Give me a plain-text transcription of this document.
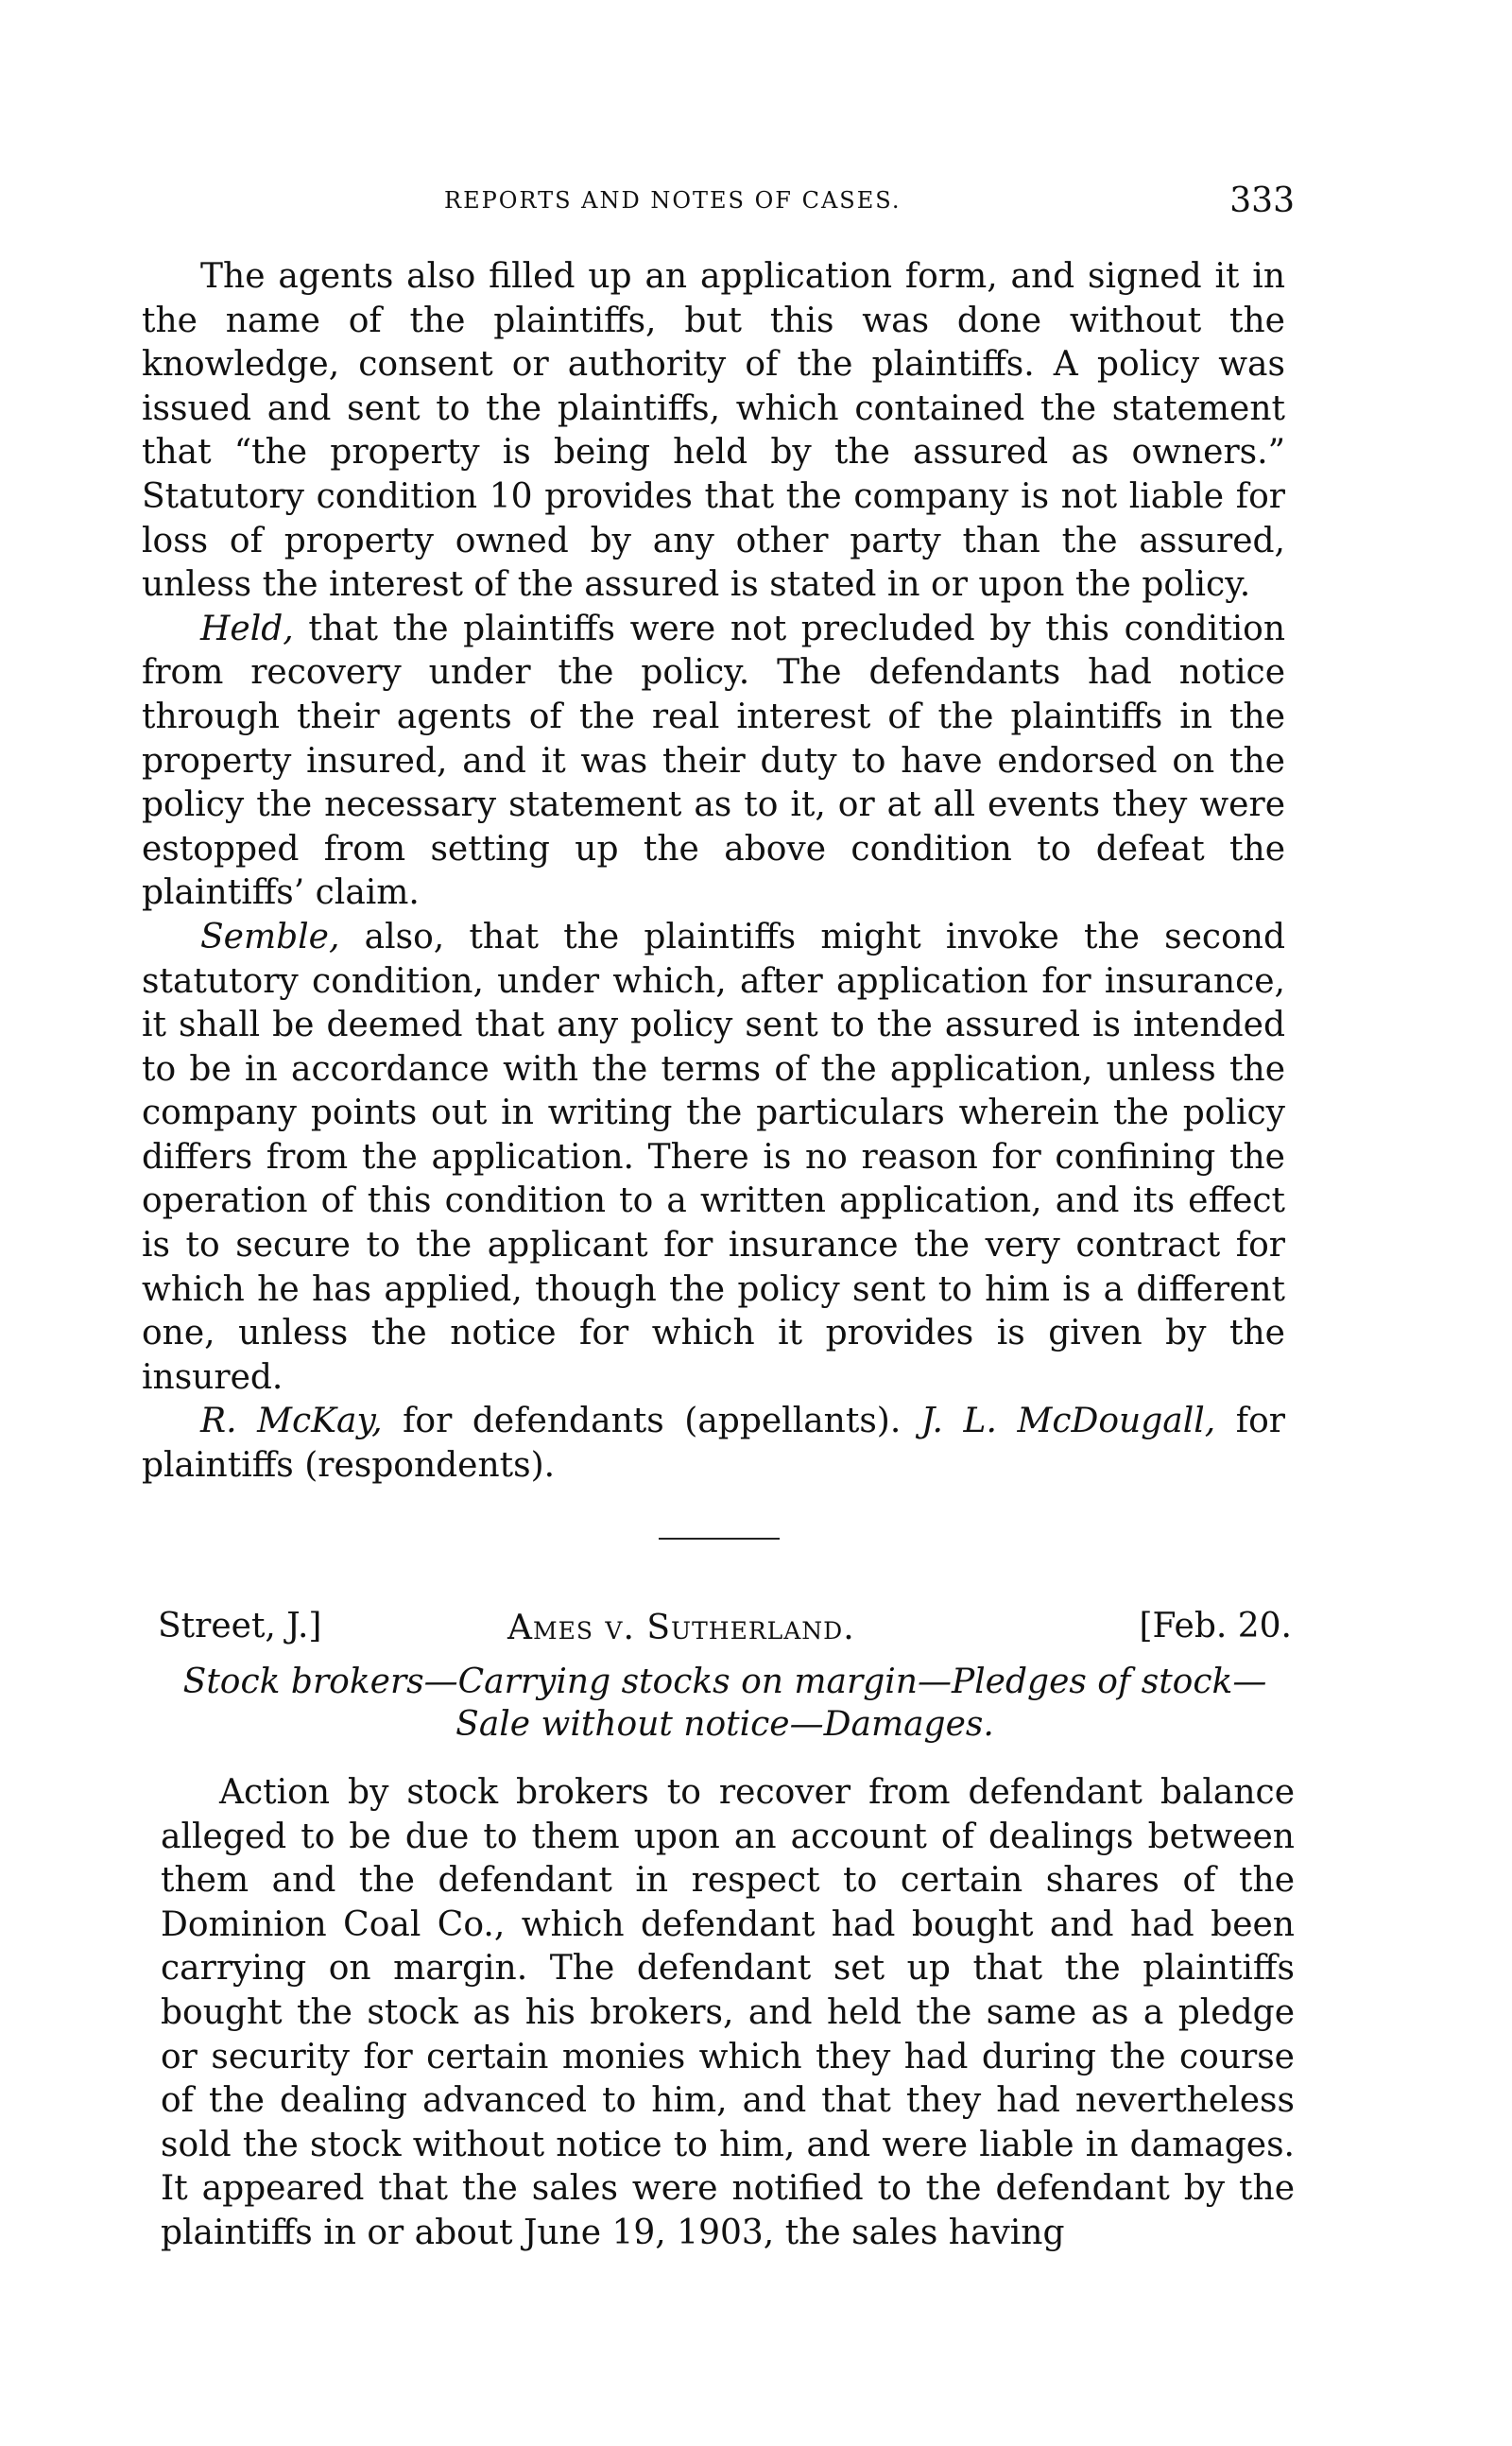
REPORTS AND NOTES OF CASES.	333

The agents also filled up an application form, and signed it in the name of the plaintiffs, but this was done without the knowledge, consent or authority of the plaintiffs. A policy was issued and sent to the plaintiffs, which contained the statement that “the property is being held by the assured as owners.” Statutory condition 10 provides that the company is not liable for loss of property owned by any other party than the assured, unless the interest of the assured is stated in or upon the policy.

Held, that the plaintiffs were not precluded by this condition from recovery under the policy. The defendants had notice through their agents of the real interest of the plaintiffs in the property insured, and it was their duty to have endorsed on the policy the necessary statement as to it, or at all events they were estopped from setting up the above condition to defeat the plaintiffs’ claim.

Semble, also, that the plaintiffs might invoke the second statutory condition, under which, after application for insurance, it shall be deemed that any policy sent to the assured is intended to be in accordance with the terms of the application, unless the company points out in writing the particulars wherein the policy differs from the application. There is no reason for confining the operation of this condition to a written application, and its effect is to secure to the applicant for insurance the very contract for which he has applied, though the policy sent to him is a different one, unless the notice for which it provides is given by the insured.

R. McKay, for defendants (appellants). J. L. McDougall, for plaintiffs (respondents).

Street, J.]	Ames v. Sutherland.	[Feb. 20.
Stock brokers—Carrying stocks on margin—Pledges of stock—
Sale without notice—Damages.

Action by stock brokers to recover from defendant balance alleged to be due to them upon an account of dealings between them and the defendant in respect to certain shares of the Dominion Coal Co., which defendant had bought and had been carrying on margin. The defendant set up that the plaintiffs bought the stock as his brokers, and held the same as a pledge or security for certain monies which they had during the course of the dealing advanced to him, and that they had nevertheless sold the stock without notice to him, and were liable in damages. It appeared that the sales were notified to the defendant by the plaintiffs in or about June 19, 1903, the sales having
